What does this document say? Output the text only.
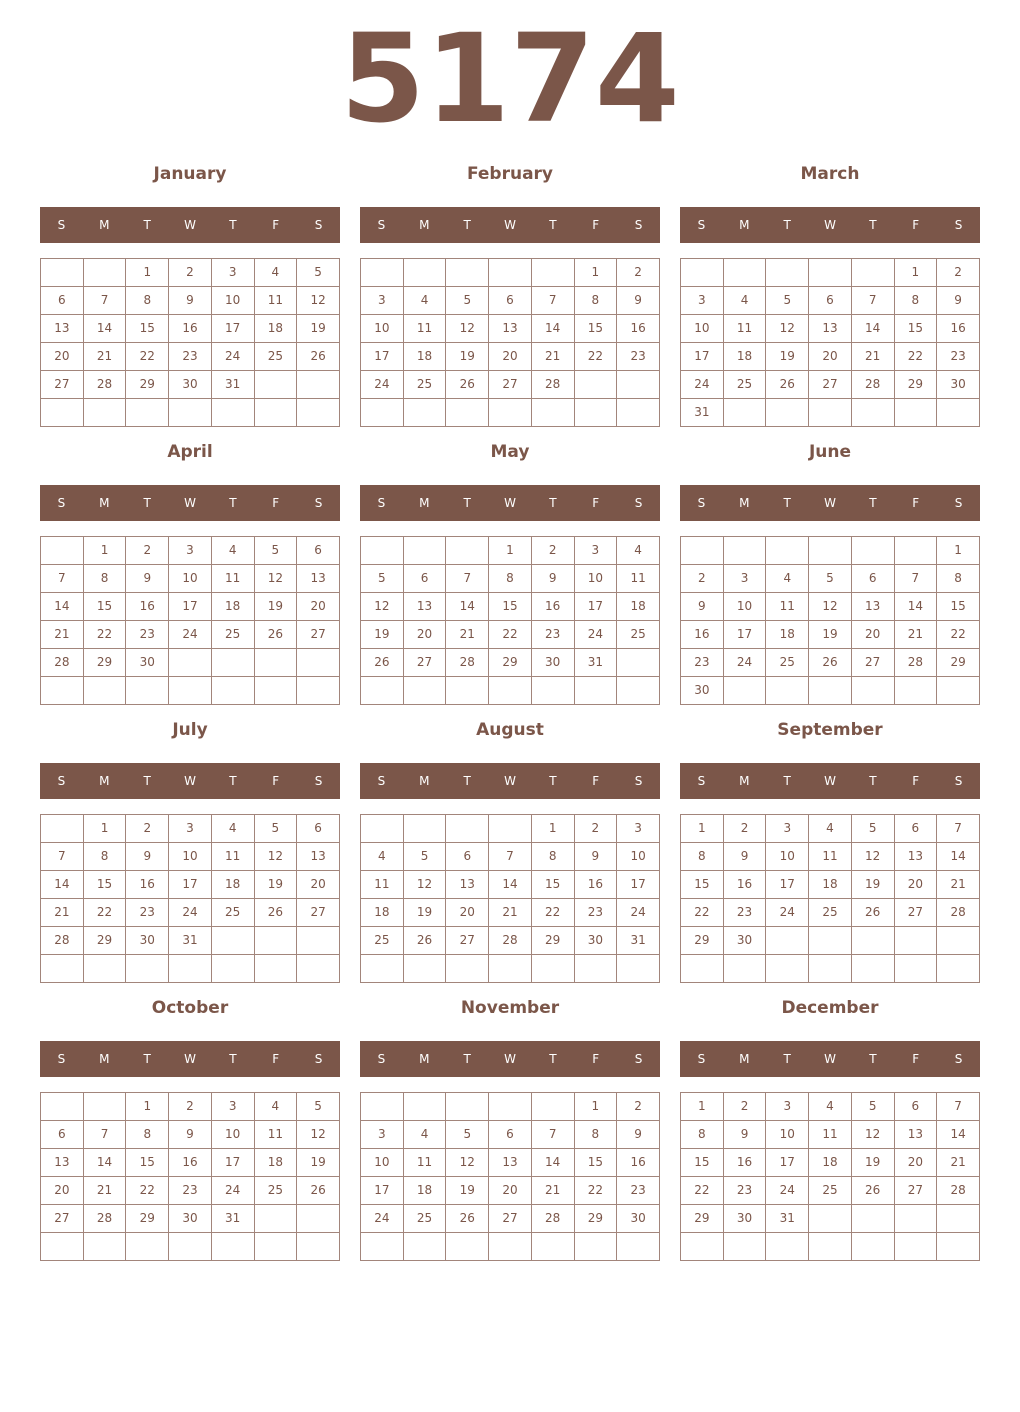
5174
January
S	M	T	W	T	F	S
		1	2	3	4	5
6	7	8	9	10	11	12
13	14	15	16	17	18	19
20	21	22	23	24	25	26
27	28	29	30	31		

February
S	M	T	W	T	F	S
					1	2
3	4	5	6	7	8	9
10	11	12	13	14	15	16
17	18	19	20	21	22	23
24	25	26	27	28		

March
S	M	T	W	T	F	S
					1	2
3	4	5	6	7	8	9
10	11	12	13	14	15	16
17	18	19	20	21	22	23
24	25	26	27	28	29	30
31						
April
S	M	T	W	T	F	S
	1	2	3	4	5	6
7	8	9	10	11	12	13
14	15	16	17	18	19	20
21	22	23	24	25	26	27
28	29	30				

May
S	M	T	W	T	F	S
			1	2	3	4
5	6	7	8	9	10	11
12	13	14	15	16	17	18
19	20	21	22	23	24	25
26	27	28	29	30	31	

June
S	M	T	W	T	F	S
						1
2	3	4	5	6	7	8
9	10	11	12	13	14	15
16	17	18	19	20	21	22
23	24	25	26	27	28	29
30						
July
S	M	T	W	T	F	S
	1	2	3	4	5	6
7	8	9	10	11	12	13
14	15	16	17	18	19	20
21	22	23	24	25	26	27
28	29	30	31			

August
S	M	T	W	T	F	S
				1	2	3
4	5	6	7	8	9	10
11	12	13	14	15	16	17
18	19	20	21	22	23	24
25	26	27	28	29	30	31

September
S	M	T	W	T	F	S
1	2	3	4	5	6	7
8	9	10	11	12	13	14
15	16	17	18	19	20	21
22	23	24	25	26	27	28
29	30					

October
S	M	T	W	T	F	S
		1	2	3	4	5
6	7	8	9	10	11	12
13	14	15	16	17	18	19
20	21	22	23	24	25	26
27	28	29	30	31		

November
S	M	T	W	T	F	S
					1	2
3	4	5	6	7	8	9
10	11	12	13	14	15	16
17	18	19	20	21	22	23
24	25	26	27	28	29	30

December
S	M	T	W	T	F	S
1	2	3	4	5	6	7
8	9	10	11	12	13	14
15	16	17	18	19	20	21
22	23	24	25	26	27	28
29	30	31				
